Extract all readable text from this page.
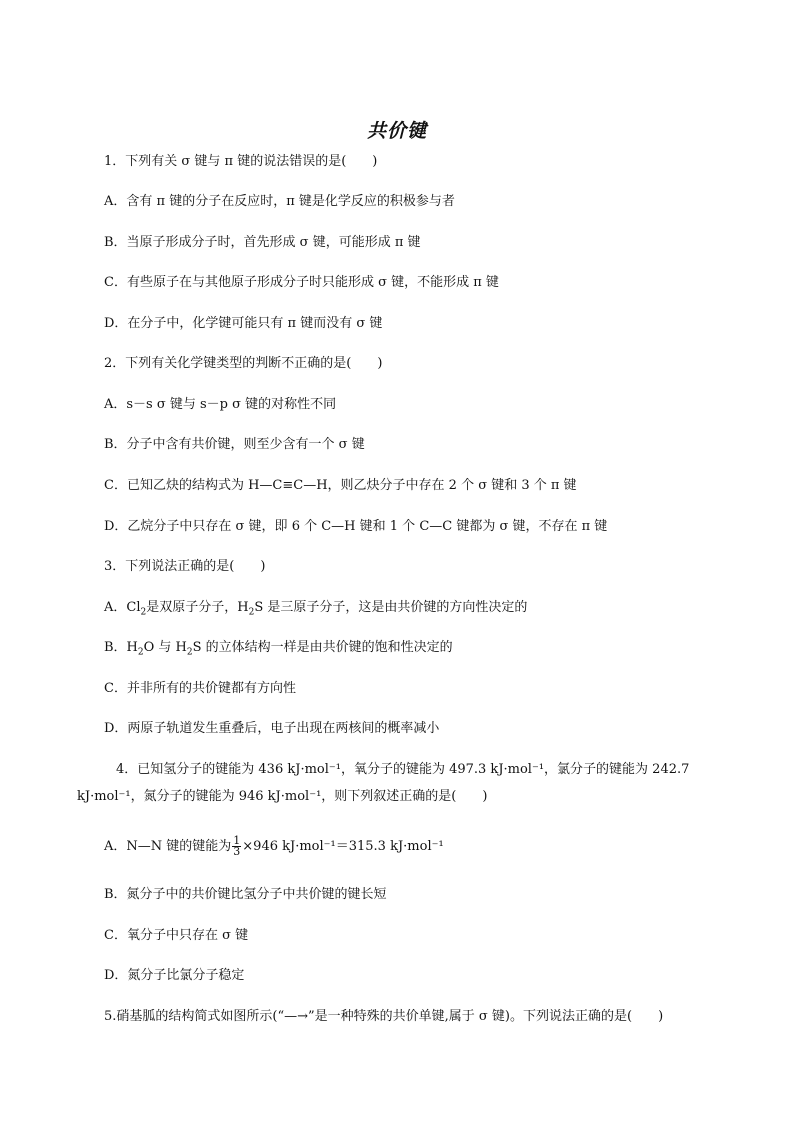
共价键
1．下列有关 σ 键与 π 键的说法错误的是(　　)
A．含有 π 键的分子在反应时，π 键是化学反应的积极参与者
B．当原子形成分子时，首先形成 σ 键，可能形成 π 键
C．有些原子在与其他原子形成分子时只能形成 σ 键，不能形成 π 键
D．在分子中，化学键可能只有 π 键而没有 σ 键
2．下列有关化学键类型的判断不正确的是(　　)
A．s－s σ 键与 s－p σ 键的对称性不同
B．分子中含有共价键，则至少含有一个 σ 键
C．已知乙炔的结构式为 H—C≡C—H，则乙炔分子中存在 2 个 σ 键和 3 个 π 键
D．乙烷分子中只存在 σ 键，即 6 个 C—H 键和 1 个 C—C 键都为 σ 键，不存在 π 键
3．下列说法正确的是(　　)
A．$Cl_2$是双原子分子，$H_2S$ 是三原子分子，这是由共价键的方向性决定的
B．$H_2O$ 与 $H_2S$ 的立体结构一样是由共价键的饱和性决定的
C．并非所有的共价键都有方向性
D．两原子轨道发生重叠后，电子出现在两核间的概率减小
4．已知氢分子的键能为 436 kJ·mol⁻¹，氧分子的键能为 497.3 kJ·mol⁻¹，氯分子的键能为 242.7
kJ·mol⁻¹，氮分子的键能为 946 kJ·mol⁻¹，则下列叙述正确的是(　　)
A．N—N 键的键能为 $\frac{1}{3} \times 946$ kJ·mol⁻¹＝315.3 kJ·mol⁻¹
B．氮分子中的共价键比氢分子中共价键的键长短
C．氧分子中只存在 σ 键
D．氮分子比氯分子稳定
5.硝基胍的结构简式如图所示(“—→”是一种特殊的共价单键,属于 σ 键)。下列说法正确的是(　　)
